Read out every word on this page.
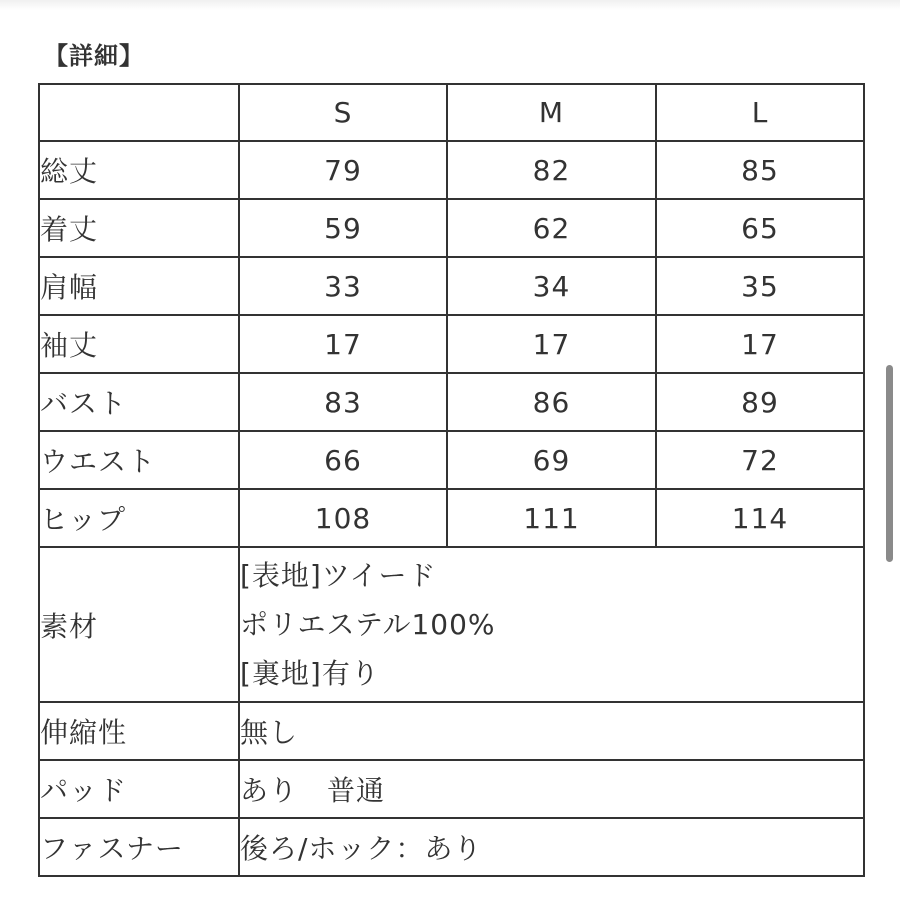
【詳細】
	S	M	L
総丈	79	82	85
着丈	59	62	65
肩幅	33	34	35
袖丈	17	17	17
バスト	83	86	89
ウエスト	66	69	72
ヒップ	108	111	114
素材	[表地]ツイード
ポリエステル100%
[裏地]有り		

伸縮性	無し		
パッド	あり　普通		
ファスナー	後ろ/ホック：あり		
